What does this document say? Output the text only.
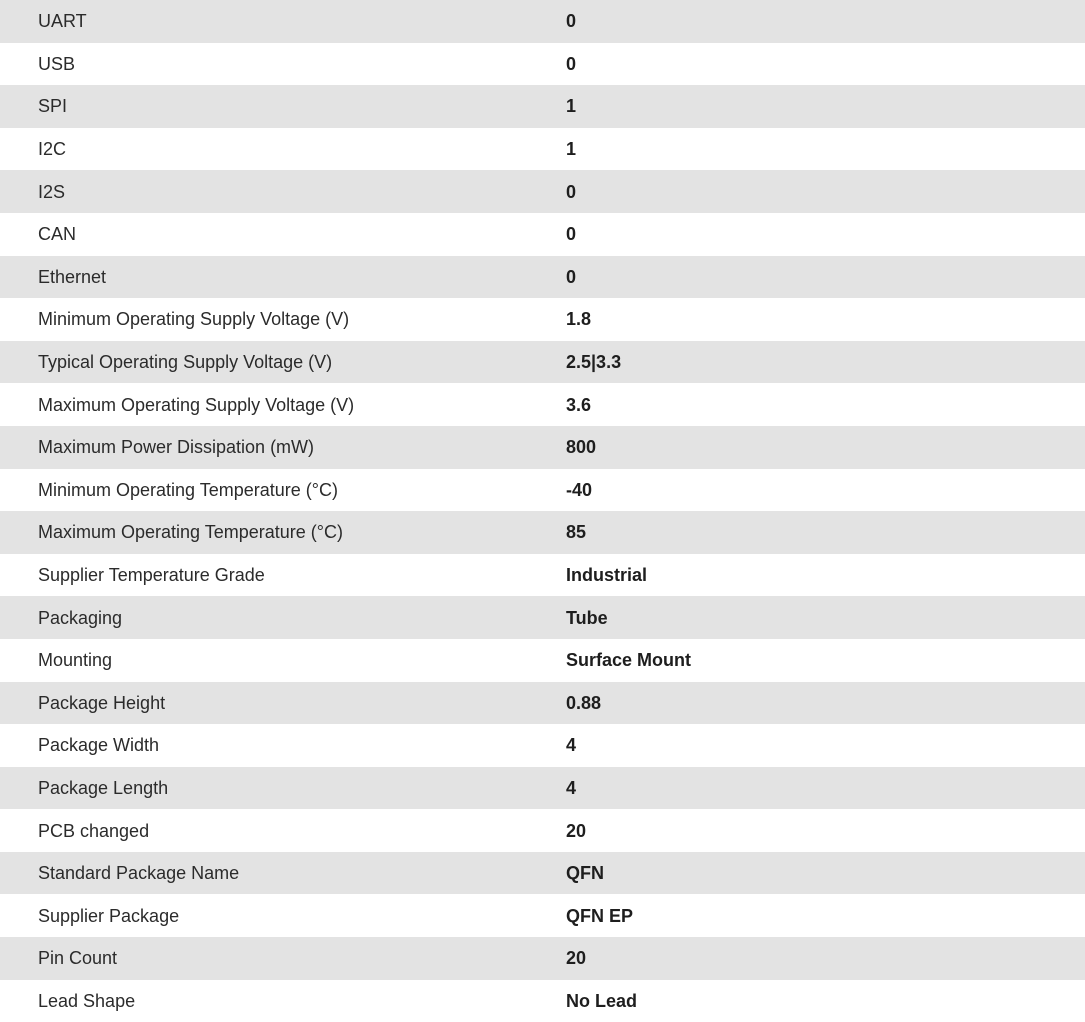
UART	0
USB	0
SPI	1
I2C	1
I2S	0
CAN	0
Ethernet	0
Minimum Operating Supply Voltage (V)	1.8
Typical Operating Supply Voltage (V)	2.5|3.3
Maximum Operating Supply Voltage (V)	3.6
Maximum Power Dissipation (mW)	800
Minimum Operating Temperature (°C)	-40
Maximum Operating Temperature (°C)	85
Supplier Temperature Grade	Industrial
Packaging	Tube
Mounting	Surface Mount
Package Height	0.88
Package Width	4
Package Length	4
PCB changed	20
Standard Package Name	QFN
Supplier Package	QFN EP
Pin Count	20
Lead Shape	No Lead
